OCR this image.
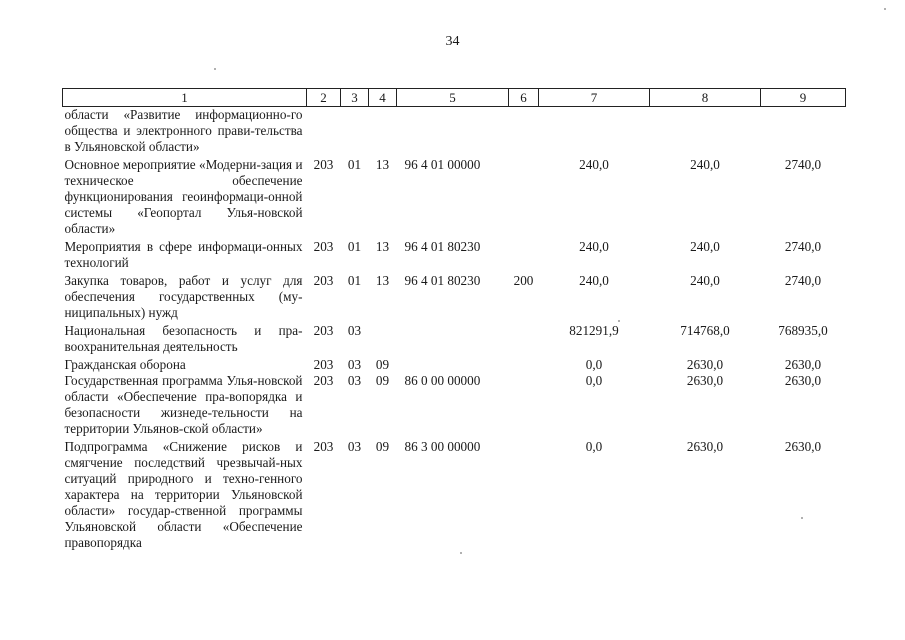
34
1	2	3	4	5	6	7	8	9
области «Развитие информационно-го общества и электронного прави-тельства в Ульяновской области»								
Основное мероприятие «Модерни-зация и техническое обеспечение функционирования геоинформаци-онной системы «Геопортал Улья-новской области»	203	01	13	96 4 01 00000		240,0	240,0	2740,0
Мероприятия в сфере информаци-онных технологий	203	01	13	96 4 01 80230		240,0	240,0	2740,0
Закупка товаров, работ и услуг для обеспечения государственных (му-ниципальных) нужд	203	01	13	96 4 01 80230	200	240,0	240,0	2740,0
Национальная безопасность и пра-воохранительная деятельность	203	03				821291,9	714768,0	768935,0
Гражданская оборона	203	03	09			0,0	2630,0	2630,0
Государственная программа Улья-новской области «Обеспечение пра-вопорядка и безопасности жизнеде-тельности на территории Ульянов-ской области»	203	03	09	86 0 00 00000		0,0	2630,0	2630,0
Подпрограмма «Снижение рисков и смягчение последствий чрезвычай-ных ситуаций природного и техно-генного характера на территории Ульяновской области» государ-ственной программы Ульяновской области «Обеспечение правопорядка	203	03	09	86 3 00 00000		0,0	2630,0	2630,0
